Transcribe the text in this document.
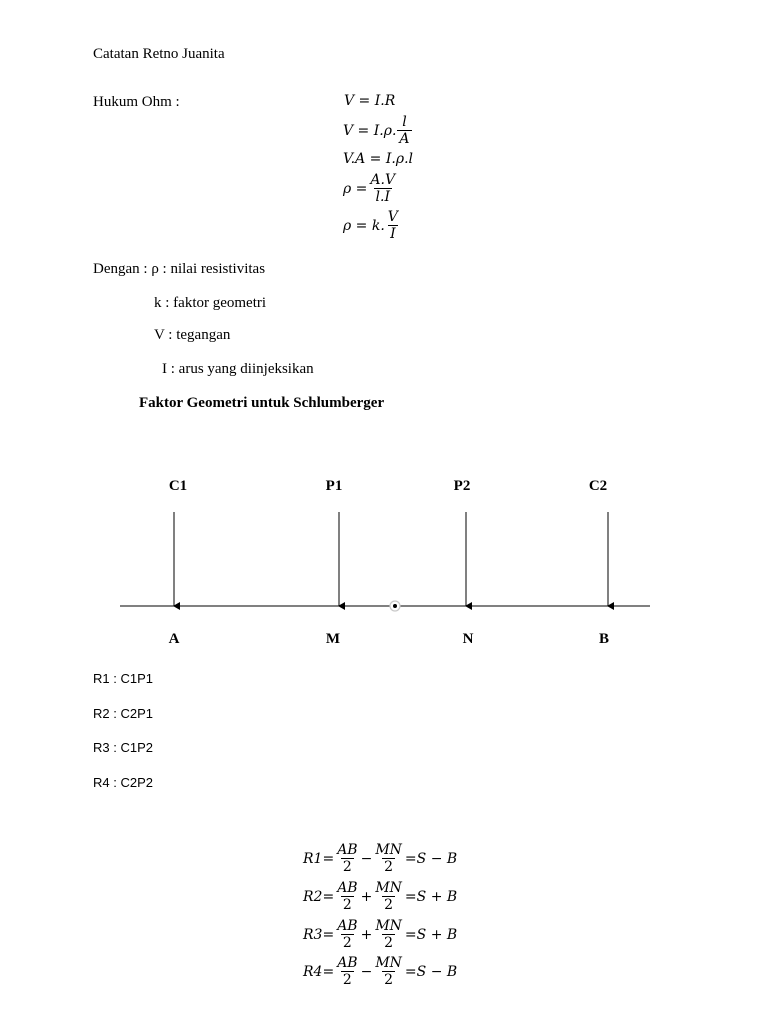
Catatan Retno Juanita
Hukum Ohm :	V = I.R
V = I.ρ. $\frac{l}{A}$
V.A = I.ρ.l
$\rho = \frac{A.V}{l.I}$
ρ = k. $\frac{V}{I}$
Dengan : ρ : nilai resistivitas
k : faktor geometri
V : tegangan
I : arus yang diinjeksikan
Faktor Geometri untuk Schlumberger
C1	P1	P2	C2
A	M	N	B
R1 : C1P1
R2 : C2P1
R3 : C1P2
R4 : C2P2
$R1 = \frac{AB}{2} - \frac{MN}{2} = S - B$
$R2 = \frac{AB}{2} + \frac{MN}{2} = S + B$
$R3 = \frac{AB}{2} + \frac{MN}{2} = S + B$
$R4 = \frac{AB}{2} - \frac{MN}{2} = S - B$
